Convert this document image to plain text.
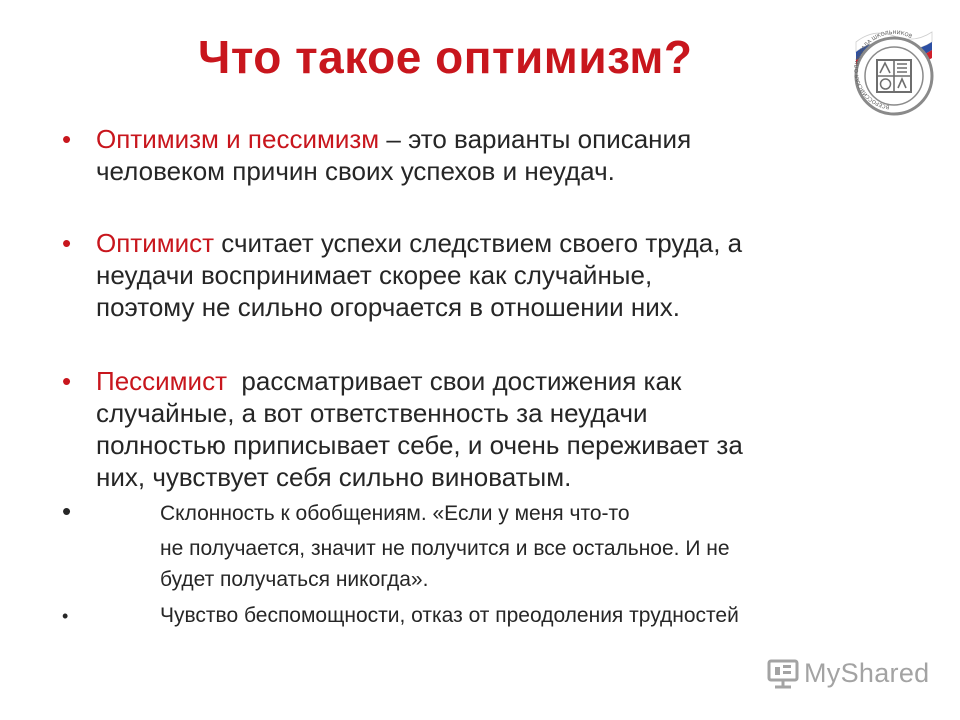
Что такое оптимизм?
ВСЕРОССИЙСКАЯ ОЛИМПИАДА ШКОЛЬНИКОВ
• Оптимизм и пессимизм – это варианты описания
человеком причин своих успехов и неудач.
• Оптимист считает успехи следствием своего труда, а
неудачи воспринимает скорее как случайные,
поэтому не сильно огорчается в отношении них.
• Пессимист  рассматривает свои достижения как
случайные, а вот ответственность за неудачи
полностью приписывает себе, и очень переживает за
них, чувствует себя сильно виноватым.
•	Склонность к обобщениям. «Если у меня что-то
не получается, значит не получится и все остальное. И не
будет получаться никогда».
•	Чувство беспомощности, отказ от преодоления трудностей
MyShared
